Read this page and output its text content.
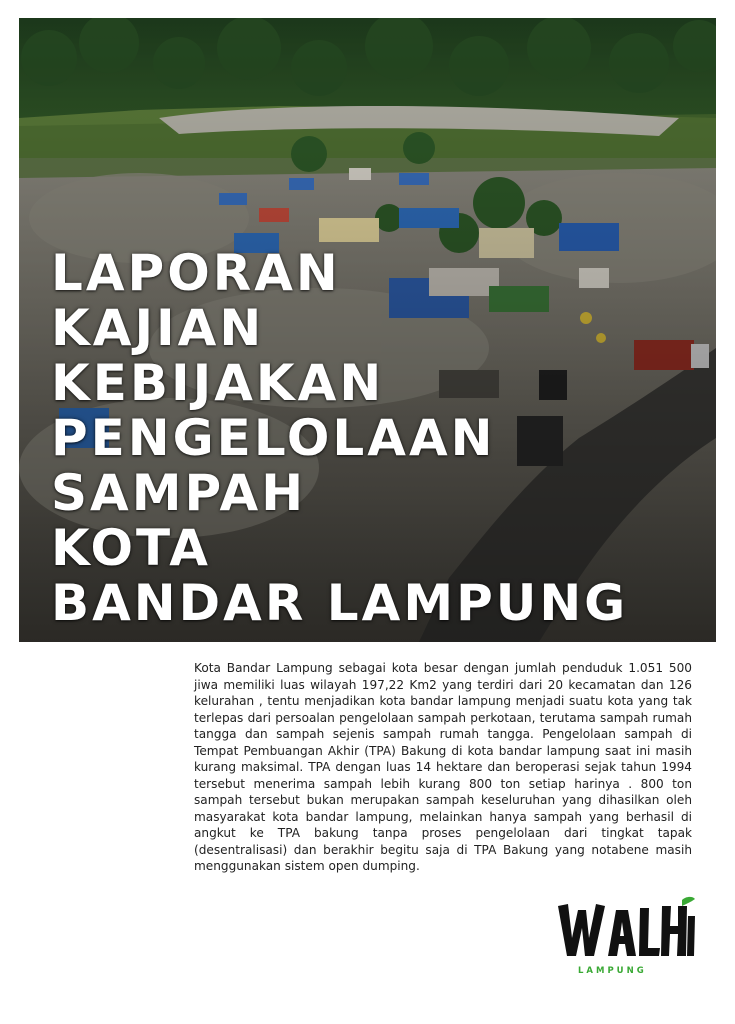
LAPORAN
KAJIAN
KEBIJAKAN
PENGELOLAAN
SAMPAH
KOTA
BANDAR LAMPUNG

Kota Bandar Lampung sebagai kota besar dengan jumlah penduduk 1.051 500 jiwa memiliki luas wilayah 197,22 Km2 yang terdiri dari 20 kecamatan dan 126 kelurahan , tentu menjadikan kota bandar lampung menjadi suatu kota yang tak terlepas dari persoalan pengelolaan sampah perkotaan, terutama sampah rumah tangga dan sampah sejenis sampah rumah tangga. Pengelolaan sampah di Tempat Pembuangan Akhir (TPA) Bakung di kota bandar lampung saat ini masih kurang maksimal. TPA dengan luas 14 hektare dan beroperasi sejak tahun 1994 tersebut menerima sampah lebih kurang 800 ton setiap harinya . 800 ton sampah tersebut bukan merupakan sampah keseluruhan yang dihasilkan oleh masyarakat kota bandar lampung, melainkan hanya sampah yang berhasil di angkut ke TPA bakung tanpa proses pengelolaan dari tingkat tapak (desentralisasi) dan berakhir begitu saja di TPA Bakung yang notabene masih menggunakan sistem open dumping.

LAMPUNG
